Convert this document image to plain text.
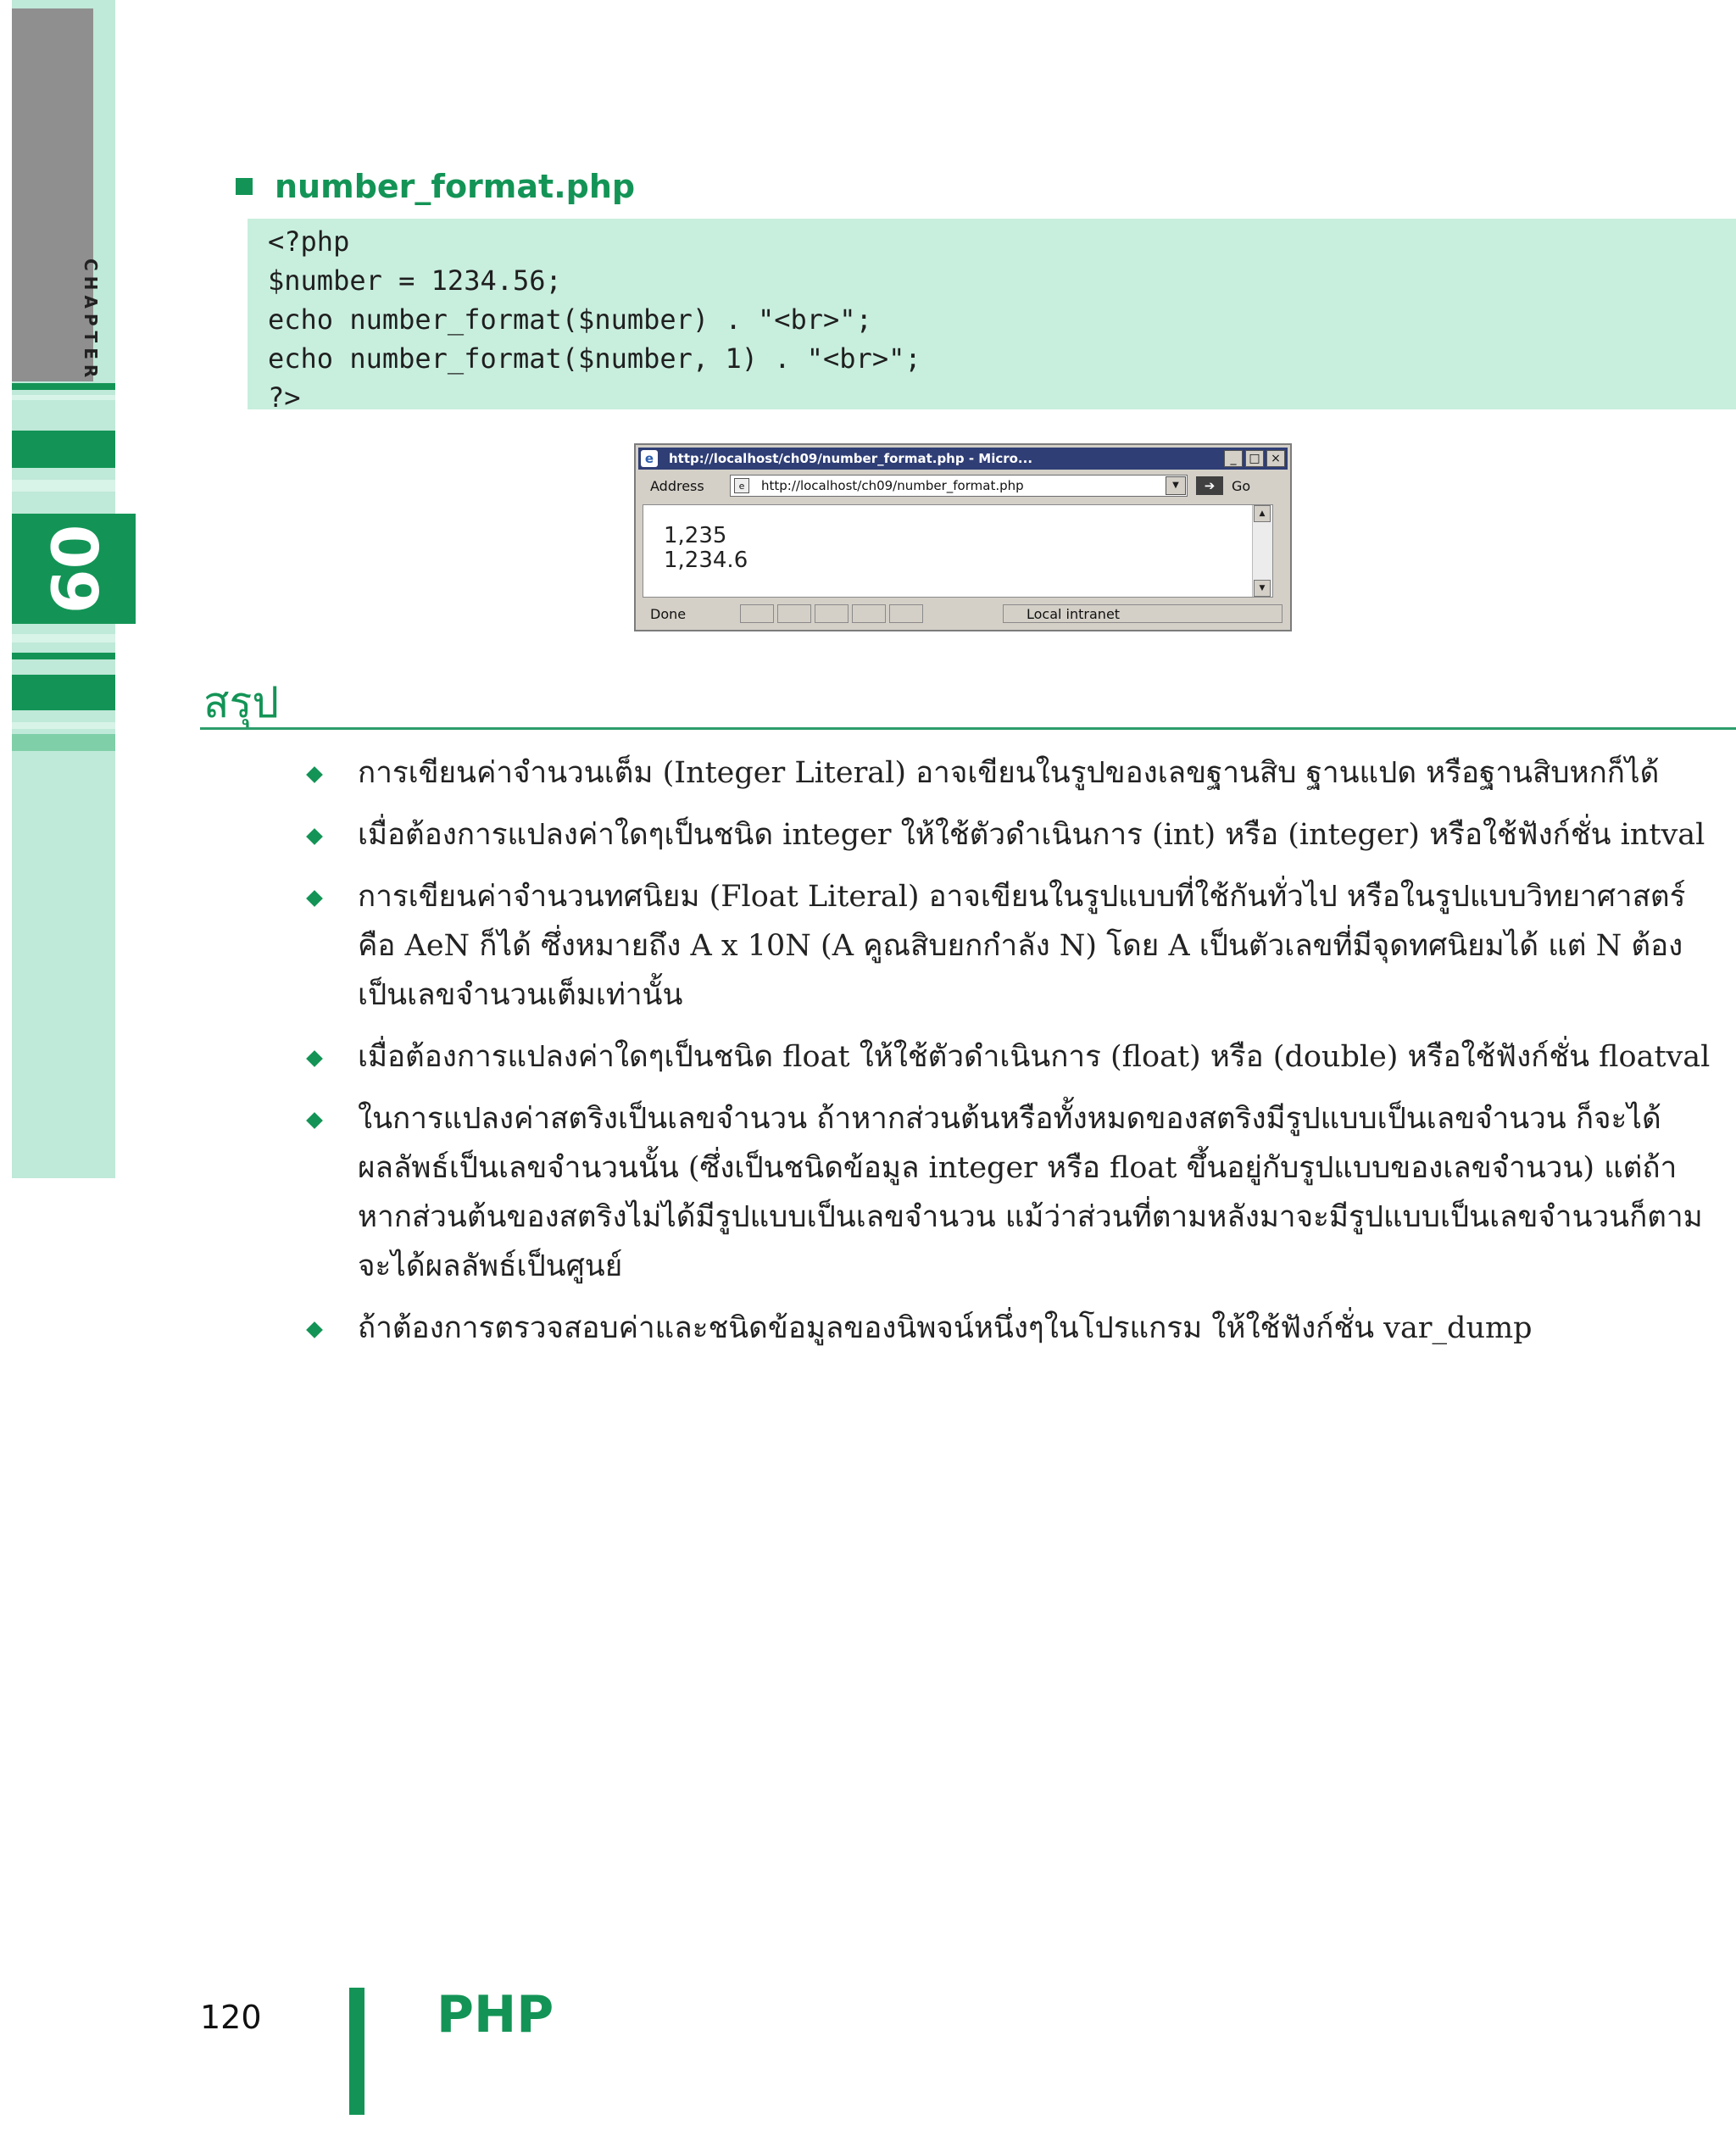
CHAPTER
09
number_format.php
<?php
$number = 1234.56;
echo number_format($number) . "<br>";
echo number_format($number, 1) . "<br>";
?>
http://localhost/ch09/number_format.php - Micro...
e	_	□ ×
Address	e	http://localhost/ch09/number_format.php	▼	➔	Go
1,235
1,234.6
▲
▼
Done	Local intranet
สรุป
การเขียนค่าจำนวนเต็ม (Integer Literal) อาจเขียนในรูปของเลขฐานสิบ ฐานแปด หรือฐานสิบหกก็ได้
เมื่อต้องการแปลงค่าใดๆเป็นชนิด integer ให้ใช้ตัวดำเนินการ (int) หรือ (integer) หรือใช้ฟังก์ชั่น intval
การเขียนค่าจำนวนทศนิยม (Float Literal) อาจเขียนในรูปแบบที่ใช้กันทั่วไป หรือในรูปแบบวิทยาศาสตร์คือ AeN ก็ได้ ซึ่งหมายถึง A x 10N (A คูณสิบยกกำลัง N) โดย A เป็นตัวเลขที่มีจุดทศนิยมได้ แต่ N ต้องเป็นเลขจำนวนเต็มเท่านั้น
เมื่อต้องการแปลงค่าใดๆเป็นชนิด float ให้ใช้ตัวดำเนินการ (float) หรือ (double) หรือใช้ฟังก์ชั่น floatval
ในการแปลงค่าสตริงเป็นเลขจำนวน ถ้าหากส่วนต้นหรือทั้งหมดของสตริงมีรูปแบบเป็นเลขจำนวน ก็จะได้ผลลัพธ์เป็นเลขจำนวนนั้น (ซึ่งเป็นชนิดข้อมูล integer หรือ float ขึ้นอยู่กับรูปแบบของเลขจำนวน) แต่ถ้าหากส่วนต้นของสตริงไม่ได้มีรูปแบบเป็นเลขจำนวน แม้ว่าส่วนที่ตามหลังมาจะมีรูปแบบเป็นเลขจำนวนก็ตาม จะได้ผลลัพธ์เป็นศูนย์
ถ้าต้องการตรวจสอบค่าและชนิดข้อมูลของนิพจน์หนึ่งๆในโปรแกรม ให้ใช้ฟังก์ชั่น var_dump
120	PHP
